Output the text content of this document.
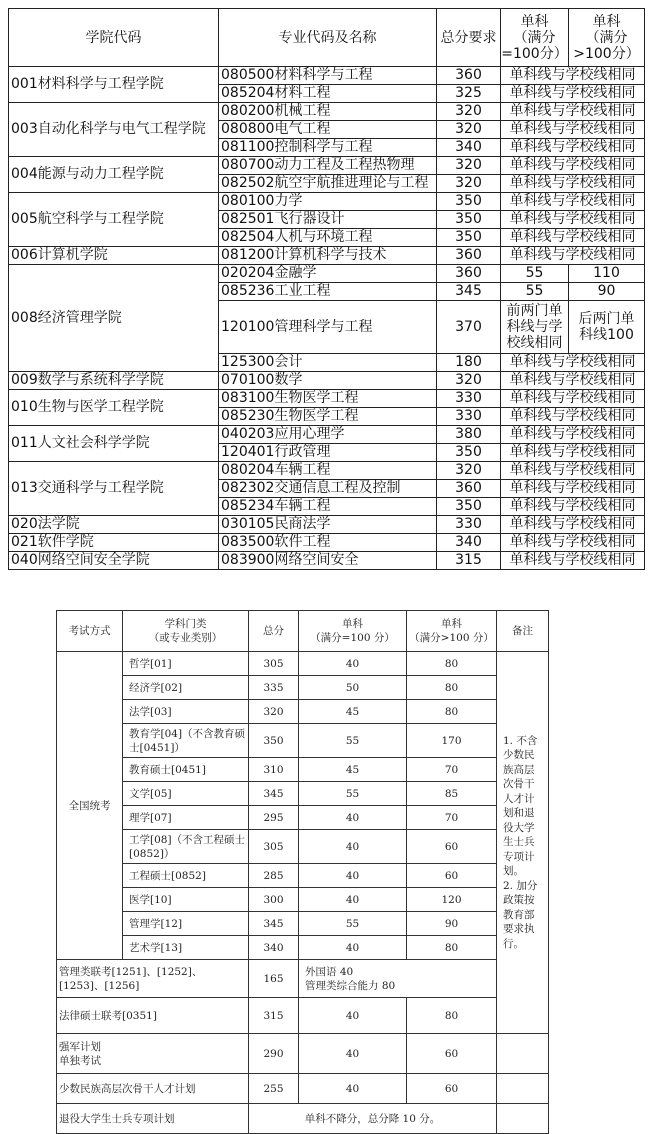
学院代码	专业代码及名称	总分要求	单科
（满分
=100分）	单科
（满分
>100分）
001材料科学与工程学院	080500材料科学与工程	360	单科线与学校线相同	
	085204材料工程	325	单科线与学校线相同	
003自动化科学与电气工程学院	080200机械工程	320	单科线与学校线相同	
	080800电气工程	320	单科线与学校线相同	
	081100控制科学与工程	340	单科线与学校线相同	
004能源与动力工程学院	080700动力工程及工程热物理	320	单科线与学校线相同	
	082502航空宇航推进理论与工程	320	单科线与学校线相同	
005航空科学与工程学院	080100力学	350	单科线与学校线相同	
	082501飞行器设计	350	单科线与学校线相同	
	082504人机与环境工程	350	单科线与学校线相同	
006计算机学院	081200计算机科学与技术	360	单科线与学校线相同	
008经济管理学院	020204金融学	360	55	110
	085236工业工程	345	55	90
	120100管理科学与工程	370	前两门单科线与学校线相同	后两门单科线100
	125300会计	180	单科线与学校线相同	
009数学与系统科学学院	070100数学	320	单科线与学校线相同	
010生物与医学工程学院	083100生物医学工程	330	单科线与学校线相同	
	085230生物医学工程	330	单科线与学校线相同	
011人文社会科学学院	040203应用心理学	380	单科线与学校线相同	
	120401行政管理	350	单科线与学校线相同	
013交通科学与工程学院	080204车辆工程	320	单科线与学校线相同	
	082302交通信息工程及控制	360	单科线与学校线相同	
	085234车辆工程	350	单科线与学校线相同	
020法学院	030105民商法学	330	单科线与学校线相同	
021软件学院	083500软件工程	340	单科线与学校线相同	
040网络空间安全学院	083900网络空间安全	315	单科线与学校线相同	
考试方式	学科门类
（或专业类别）	总分	单科
（满分=100 分）	单科
（满分>100 分）	备注
全国统考	哲学[01]	305	40	80	1. 不含少数民族高层次骨干人才计划和退役大学生士兵专项计划。
2. 加分政策按教育部要求执行。
	经济学[02]	335	50	80	
	法学[03]	320	45	80	
	教育学[04]（不含教育硕士[0451]）	350	55	170	
	教育硕士[0451]	310	45	70	
	文学[05]	345	55	85	
	理学[07]	295	40	70	
	工学[08]（不含工程硕士[0852]）	305	40	60	
	工程硕士[0852]	285	40	60	
	医学[10]	300	40	120	
	管理学[12]	345	55	90	
	艺术学[13]	340	40	80	
管理类联考[1251]、[1252]、[1253]、[1256]		165	外国语 40
管理类综合能力 80		
法律硕士联考[0351]		315	40	80	
强军计划
单独考试		290	40	60	
少数民族高层次骨干人才计划		255	40	60	
退役大学生士兵专项计划		单科不降分，总分降 10 分。			
